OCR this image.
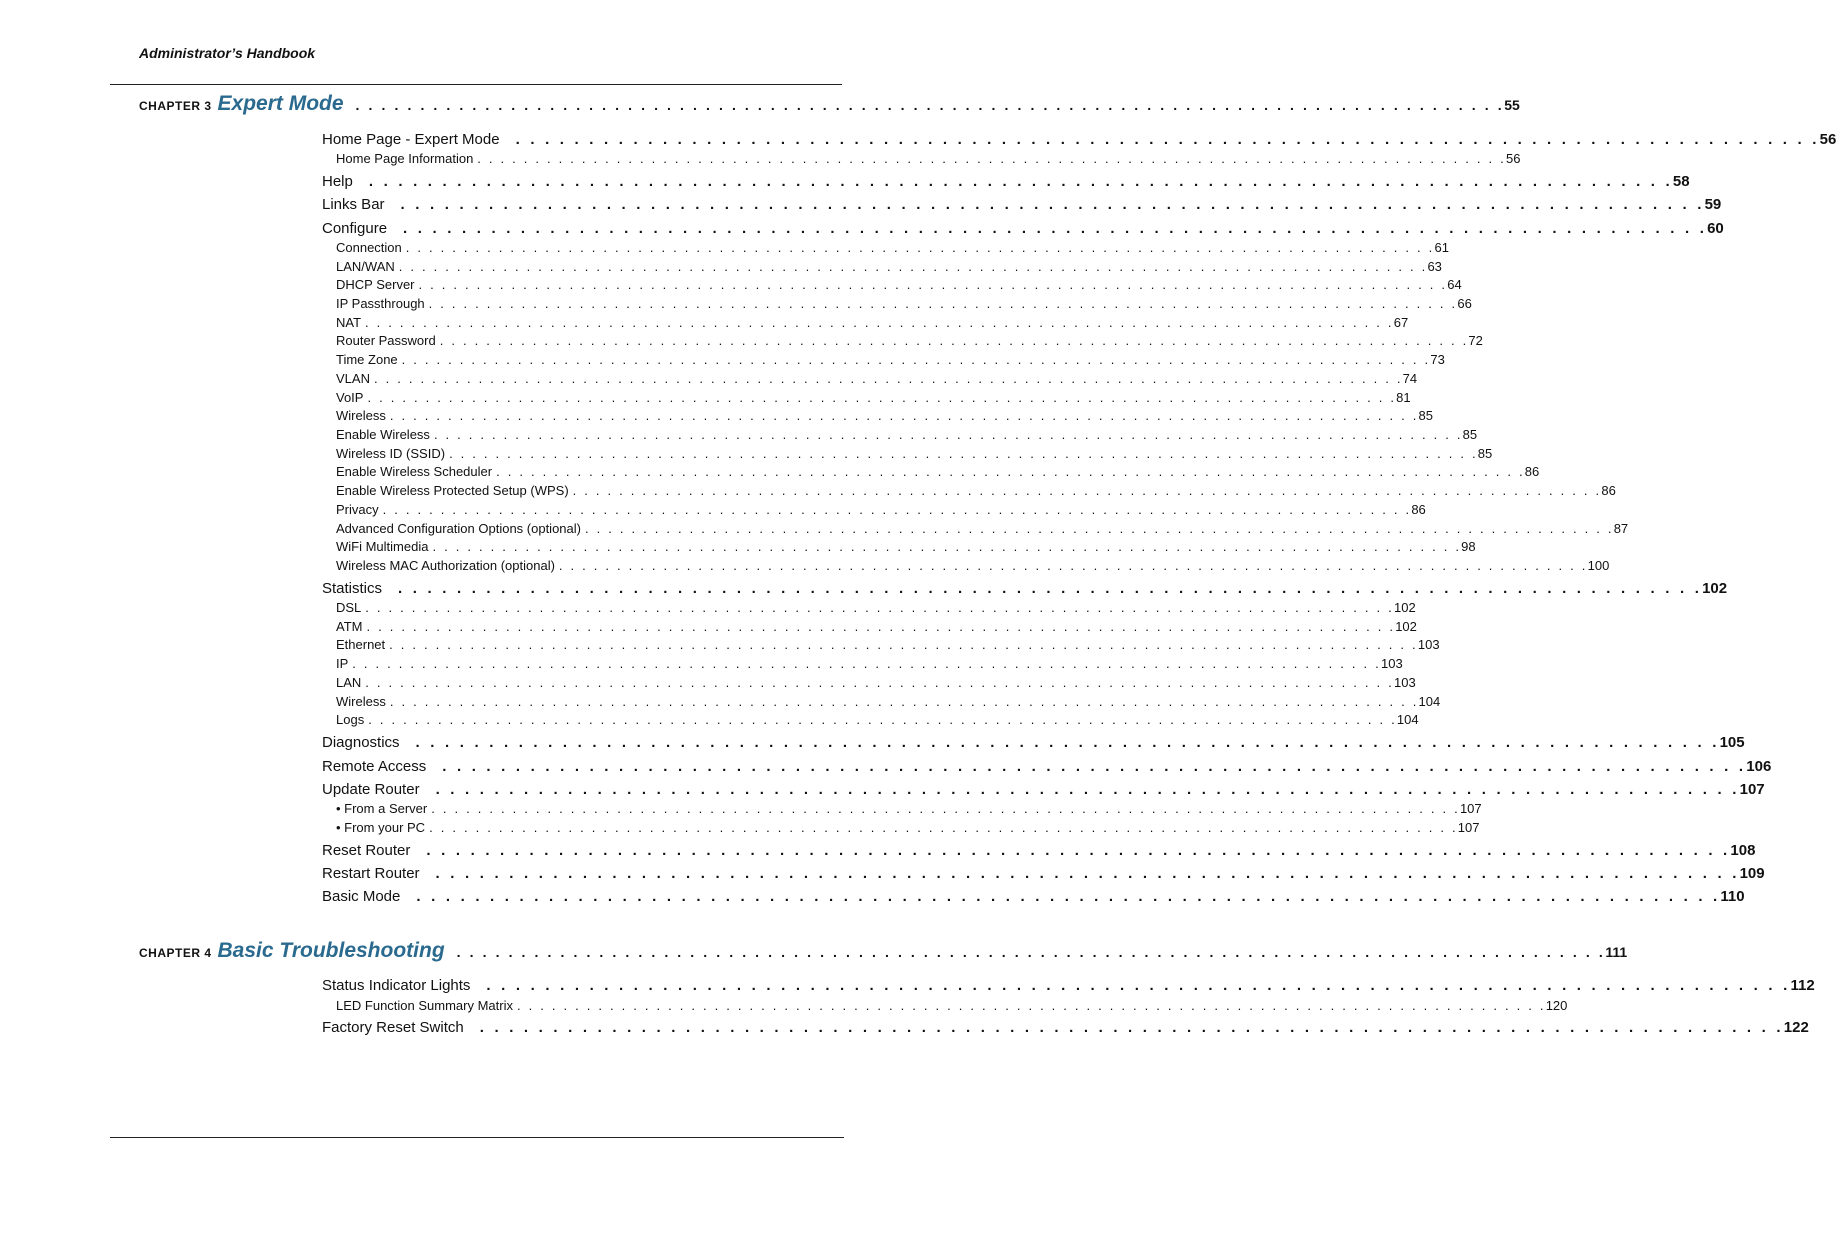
Administrator’s Handbook
CHAPTER 3 Expert Mode . . . . . . . . . . . . . . . . . . . . . . . . . . . . . . . . . . . . . . . . . . . . . . . . . . . . . . . . . . . . . . . . . . . . . . . . . . . . . . . . . . . . . . . . . 55
Home Page - Expert Mode . . . . . . . . . . . . . . . . . . . . . . . . . . . . . . . . . . . . . . . . . . . . . . . . . . . . . . . . . . . . . . . . . . . . . . . . . . . . . . . . . . . . . . . . . 56
Home Page Information . . . . . . . . . . . . . . . . . . . . . . . . . . . . . . . . . . . . . . . . . . . . . . . . . . . . . . . . . . . . . . . . . . . . . . . . . . . . . . . . . . . . . . . . . 56
Help . . . . . . . . . . . . . . . . . . . . . . . . . . . . . . . . . . . . . . . . . . . . . . . . . . . . . . . . . . . . . . . . . . . . . . . . . . . . . . . . . . . . . . . . . 58
Links Bar . . . . . . . . . . . . . . . . . . . . . . . . . . . . . . . . . . . . . . . . . . . . . . . . . . . . . . . . . . . . . . . . . . . . . . . . . . . . . . . . . . . . . . . . . 59
Configure . . . . . . . . . . . . . . . . . . . . . . . . . . . . . . . . . . . . . . . . . . . . . . . . . . . . . . . . . . . . . . . . . . . . . . . . . . . . . . . . . . . . . . . . . 60
Connection . . . . . . . . . . . . . . . . . . . . . . . . . . . . . . . . . . . . . . . . . . . . . . . . . . . . . . . . . . . . . . . . . . . . . . . . . . . . . . . . . . . . . . . . . 61
LAN/WAN . . . . . . . . . . . . . . . . . . . . . . . . . . . . . . . . . . . . . . . . . . . . . . . . . . . . . . . . . . . . . . . . . . . . . . . . . . . . . . . . . . . . . . . . . 63
DHCP Server . . . . . . . . . . . . . . . . . . . . . . . . . . . . . . . . . . . . . . . . . . . . . . . . . . . . . . . . . . . . . . . . . . . . . . . . . . . . . . . . . . . . . . . . . 64
IP Passthrough . . . . . . . . . . . . . . . . . . . . . . . . . . . . . . . . . . . . . . . . . . . . . . . . . . . . . . . . . . . . . . . . . . . . . . . . . . . . . . . . . . . . . . . . . 66
NAT . . . . . . . . . . . . . . . . . . . . . . . . . . . . . . . . . . . . . . . . . . . . . . . . . . . . . . . . . . . . . . . . . . . . . . . . . . . . . . . . . . . . . . . . . 67
Router Password . . . . . . . . . . . . . . . . . . . . . . . . . . . . . . . . . . . . . . . . . . . . . . . . . . . . . . . . . . . . . . . . . . . . . . . . . . . . . . . . . . . . . . . . . 72
Time Zone . . . . . . . . . . . . . . . . . . . . . . . . . . . . . . . . . . . . . . . . . . . . . . . . . . . . . . . . . . . . . . . . . . . . . . . . . . . . . . . . . . . . . . . . . 73
VLAN . . . . . . . . . . . . . . . . . . . . . . . . . . . . . . . . . . . . . . . . . . . . . . . . . . . . . . . . . . . . . . . . . . . . . . . . . . . . . . . . . . . . . . . . . 74
VoIP . . . . . . . . . . . . . . . . . . . . . . . . . . . . . . . . . . . . . . . . . . . . . . . . . . . . . . . . . . . . . . . . . . . . . . . . . . . . . . . . . . . . . . . . . 81
Wireless . . . . . . . . . . . . . . . . . . . . . . . . . . . . . . . . . . . . . . . . . . . . . . . . . . . . . . . . . . . . . . . . . . . . . . . . . . . . . . . . . . . . . . . . . 85
Enable Wireless . . . . . . . . . . . . . . . . . . . . . . . . . . . . . . . . . . . . . . . . . . . . . . . . . . . . . . . . . . . . . . . . . . . . . . . . . . . . . . . . . . . . . . . . . 85
Wireless ID (SSID) . . . . . . . . . . . . . . . . . . . . . . . . . . . . . . . . . . . . . . . . . . . . . . . . . . . . . . . . . . . . . . . . . . . . . . . . . . . . . . . . . . . . . . . . . 85
Enable Wireless Scheduler . . . . . . . . . . . . . . . . . . . . . . . . . . . . . . . . . . . . . . . . . . . . . . . . . . . . . . . . . . . . . . . . . . . . . . . . . . . . . . . . . . . . . . . . . 86
Enable Wireless Protected Setup (WPS) . . . . . . . . . . . . . . . . . . . . . . . . . . . . . . . . . . . . . . . . . . . . . . . . . . . . . . . . . . . . . . . . . . . . . . . . . . . . . . . . . . . . . . . . . 86
Privacy . . . . . . . . . . . . . . . . . . . . . . . . . . . . . . . . . . . . . . . . . . . . . . . . . . . . . . . . . . . . . . . . . . . . . . . . . . . . . . . . . . . . . . . . . 86
Advanced Configuration Options (optional) . . . . . . . . . . . . . . . . . . . . . . . . . . . . . . . . . . . . . . . . . . . . . . . . . . . . . . . . . . . . . . . . . . . . . . . . . . . . . . . . . . . . . . . . . 87
WiFi Multimedia . . . . . . . . . . . . . . . . . . . . . . . . . . . . . . . . . . . . . . . . . . . . . . . . . . . . . . . . . . . . . . . . . . . . . . . . . . . . . . . . . . . . . . . . . 98
Wireless MAC Authorization (optional) . . . . . . . . . . . . . . . . . . . . . . . . . . . . . . . . . . . . . . . . . . . . . . . . . . . . . . . . . . . . . . . . . . . . . . . . . . . . . . . . . . . . . . . . . 100
Statistics . . . . . . . . . . . . . . . . . . . . . . . . . . . . . . . . . . . . . . . . . . . . . . . . . . . . . . . . . . . . . . . . . . . . . . . . . . . . . . . . . . . . . . . . . 102
DSL . . . . . . . . . . . . . . . . . . . . . . . . . . . . . . . . . . . . . . . . . . . . . . . . . . . . . . . . . . . . . . . . . . . . . . . . . . . . . . . . . . . . . . . . . 102
ATM . . . . . . . . . . . . . . . . . . . . . . . . . . . . . . . . . . . . . . . . . . . . . . . . . . . . . . . . . . . . . . . . . . . . . . . . . . . . . . . . . . . . . . . . . 102
Ethernet . . . . . . . . . . . . . . . . . . . . . . . . . . . . . . . . . . . . . . . . . . . . . . . . . . . . . . . . . . . . . . . . . . . . . . . . . . . . . . . . . . . . . . . . . 103
IP . . . . . . . . . . . . . . . . . . . . . . . . . . . . . . . . . . . . . . . . . . . . . . . . . . . . . . . . . . . . . . . . . . . . . . . . . . . . . . . . . . . . . . . . . 103
LAN . . . . . . . . . . . . . . . . . . . . . . . . . . . . . . . . . . . . . . . . . . . . . . . . . . . . . . . . . . . . . . . . . . . . . . . . . . . . . . . . . . . . . . . . . 103
Wireless . . . . . . . . . . . . . . . . . . . . . . . . . . . . . . . . . . . . . . . . . . . . . . . . . . . . . . . . . . . . . . . . . . . . . . . . . . . . . . . . . . . . . . . . . 104
Logs . . . . . . . . . . . . . . . . . . . . . . . . . . . . . . . . . . . . . . . . . . . . . . . . . . . . . . . . . . . . . . . . . . . . . . . . . . . . . . . . . . . . . . . . . 104
Diagnostics . . . . . . . . . . . . . . . . . . . . . . . . . . . . . . . . . . . . . . . . . . . . . . . . . . . . . . . . . . . . . . . . . . . . . . . . . . . . . . . . . . . . . . . . . 105
Remote Access . . . . . . . . . . . . . . . . . . . . . . . . . . . . . . . . . . . . . . . . . . . . . . . . . . . . . . . . . . . . . . . . . . . . . . . . . . . . . . . . . . . . . . . . . 106
Update Router . . . . . . . . . . . . . . . . . . . . . . . . . . . . . . . . . . . . . . . . . . . . . . . . . . . . . . . . . . . . . . . . . . . . . . . . . . . . . . . . . . . . . . . . . 107
• From a Server . . . . . . . . . . . . . . . . . . . . . . . . . . . . . . . . . . . . . . . . . . . . . . . . . . . . . . . . . . . . . . . . . . . . . . . . . . . . . . . . . . . . . . . . . 107
• From your PC . . . . . . . . . . . . . . . . . . . . . . . . . . . . . . . . . . . . . . . . . . . . . . . . . . . . . . . . . . . . . . . . . . . . . . . . . . . . . . . . . . . . . . . . . 107
Reset Router . . . . . . . . . . . . . . . . . . . . . . . . . . . . . . . . . . . . . . . . . . . . . . . . . . . . . . . . . . . . . . . . . . . . . . . . . . . . . . . . . . . . . . . . . 108
Restart Router . . . . . . . . . . . . . . . . . . . . . . . . . . . . . . . . . . . . . . . . . . . . . . . . . . . . . . . . . . . . . . . . . . . . . . . . . . . . . . . . . . . . . . . . . 109
Basic Mode . . . . . . . . . . . . . . . . . . . . . . . . . . . . . . . . . . . . . . . . . . . . . . . . . . . . . . . . . . . . . . . . . . . . . . . . . . . . . . . . . . . . . . . . . 110
CHAPTER 4 Basic Troubleshooting . . . . . . . . . . . . . . . . . . . . . . . . . . . . . . . . . . . . . . . . . . . . . . . . . . . . . . . . . . . . . . . . . . . . . . . . . . . . . . . . . . . . . . . . . 111
Status Indicator Lights . . . . . . . . . . . . . . . . . . . . . . . . . . . . . . . . . . . . . . . . . . . . . . . . . . . . . . . . . . . . . . . . . . . . . . . . . . . . . . . . . . . . . . . . . 112
LED Function Summary Matrix . . . . . . . . . . . . . . . . . . . . . . . . . . . . . . . . . . . . . . . . . . . . . . . . . . . . . . . . . . . . . . . . . . . . . . . . . . . . . . . . . . . . . . . . . 120
Factory Reset Switch . . . . . . . . . . . . . . . . . . . . . . . . . . . . . . . . . . . . . . . . . . . . . . . . . . . . . . . . . . . . . . . . . . . . . . . . . . . . . . . . . . . . . . . . . 122
